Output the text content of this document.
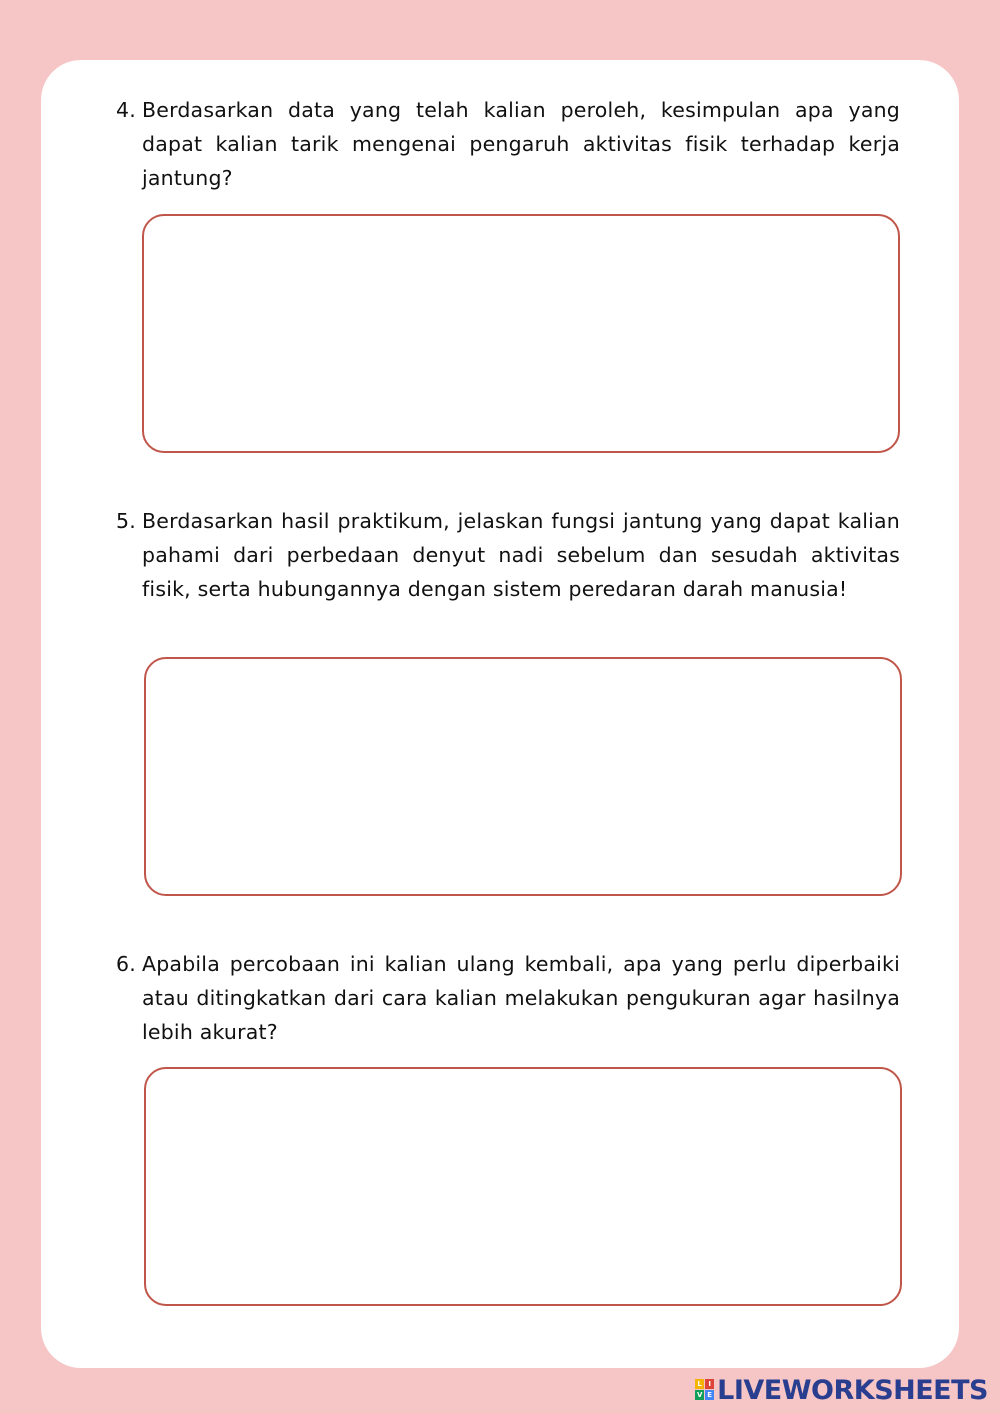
4. Berdasarkan data yang telah kalian peroleh, kesimpulan apa yang dapat kalian tarik mengenai pengaruh aktivitas fisik terhadap kerja jantung?
5. Berdasarkan hasil praktikum, jelaskan fungsi jantung yang dapat kalian pahami dari perbedaan denyut nadi sebelum dan sesudah aktivitas fisik, serta hubungannya dengan sistem peredaran darah manusia!
6. Apabila percobaan ini kalian ulang kembali, apa yang perlu diperbaiki atau ditingkatkan dari cara kalian melakukan pengukuran agar hasilnya lebih akurat?
L I
V E LIVEWORKSHEETS
